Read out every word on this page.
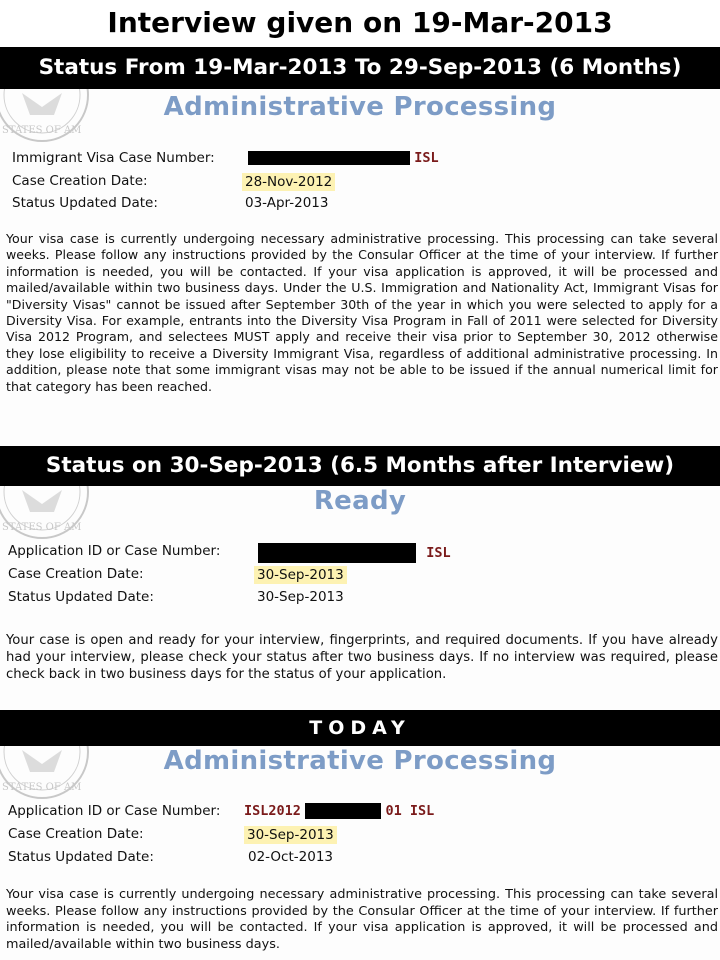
Interview given on 19-Mar-2013
Status From 19-Mar-2013 To 29-Sep-2013 (6 Months)
STATES OF AM
Administrative Processing
Immigrant Visa Case Number:	ISL
Case Creation Date:	28-Nov-2012
Status Updated Date:	03-Apr-2013
Your visa case is currently undergoing necessary administrative processing. This processing can take several weeks. Please follow any instructions provided by the Consular Officer at the time of your interview. If further information is needed, you will be contacted. If your visa application is approved, it will be processed and mailed/available within two business days. Under the U.S. Immigration and Nationality Act, Immigrant Visas for "Diversity Visas" cannot be issued after September 30th of the year in which you were selected to apply for a Diversity Visa. For example, entrants into the Diversity Visa Program in Fall of 2011 were selected for Diversity Visa 2012 Program, and selectees MUST apply and receive their visa prior to September 30, 2012 otherwise they lose eligibility to receive a Diversity Immigrant Visa, regardless of additional administrative processing. In addition, please note that some immigrant visas may not be able to be issued if the annual numerical limit for that category has been reached.
Status on 30-Sep-2013 (6.5 Months after Interview)
STATES OF AM
Ready
Application ID or Case Number:	ISL
Case Creation Date:	30-Sep-2013
Status Updated Date:	30-Sep-2013
Your case is open and ready for your interview, fingerprints, and required documents. If you have already had your interview, please check your status after two business days. If no interview was required, please check back in two business days for the status of your application.
TODAY
STATES OF AM
Administrative Processing
Application ID or Case Number: ISL2012	01 ISL
Case Creation Date:	30-Sep-2013
Status Updated Date:	02-Oct-2013
Your visa case is currently undergoing necessary administrative processing. This processing can take several weeks. Please follow any instructions provided by the Consular Officer at the time of your interview. If further information is needed, you will be contacted. If your visa application is approved, it will be processed and mailed/available within two business days.
